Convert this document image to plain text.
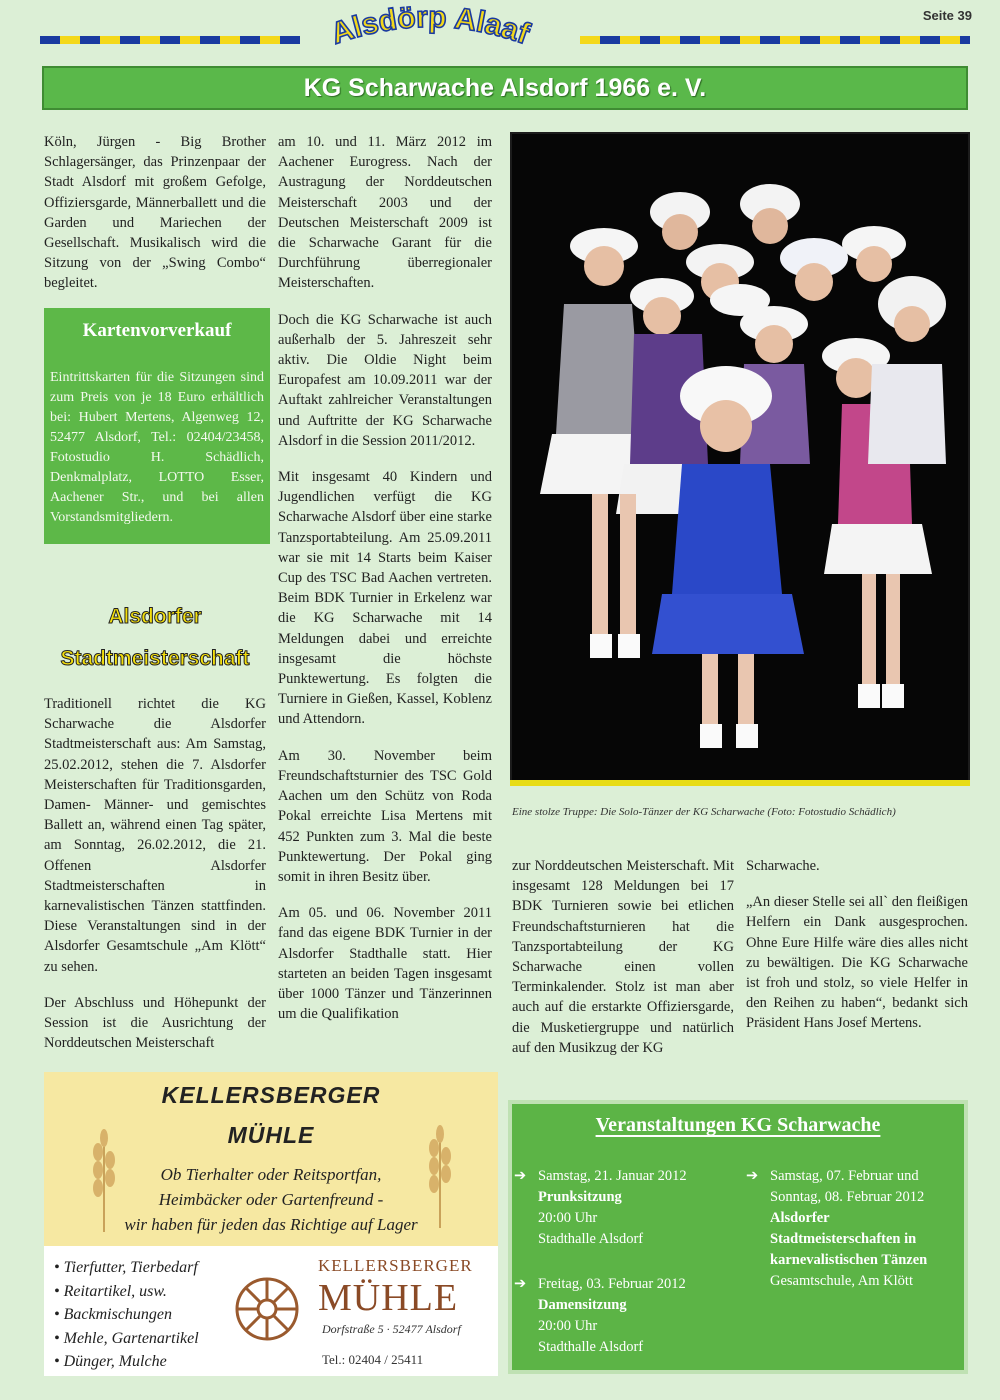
Seite 39
Alsdörp Alaaf
KG Scharwache Alsdorf 1966 e. V.

Köln, Jürgen - Big Brother Schlagersänger, das Prinzenpaar der Stadt Alsdorf mit großem Gefolge, Offiziersgarde, Männerballett und die Garden und Mariechen der Gesellschaft. Musikalisch wird die Sitzung von der „Swing Combo“ begleitet.

Kartenvorverkauf
Eintrittskarten für die Sitzungen sind zum Preis von je 18 Euro erhältlich bei: Hubert Mertens, Algenweg 12, 52477 Alsdorf, Tel.: 02404/23458, Fotostudio H. Schädlich, Denkmalplatz, LOTTO Esser, Aachener Str., und bei allen Vorstandsmitgliedern.
Alsdorfer
Stadtmeisterschaft

Traditionell richtet die KG Scharwache die Alsdorfer Stadtmeisterschaft aus: Am Samstag, 25.02.2012, stehen die 7. Alsdorfer Meisterschaften für Traditionsgarden, Damen- Männer- und gemischtes Ballett an, während einen Tag später, am Sonntag, 26.02.2012, die 21. Offenen Alsdorfer Stadtmeisterschaften in karnevalistischen Tänzen stattfinden. Diese Veranstaltungen sind in der Alsdorfer Gesamtschule „Am Klött“ zu sehen.

Der Abschluss und Höhepunkt der Session ist die Ausrichtung der Norddeutschen Meisterschaft

am 10. und 11. März 2012 im Aachener Eurogress. Nach der Austragung der Norddeutschen Meisterschaft 2003 und der Deutschen Meisterschaft 2009 ist die Scharwache Garant für die Durchführung überregionaler Meisterschaften.

Doch die KG Scharwache ist auch außerhalb der 5. Jahreszeit sehr aktiv. Die Oldie Night beim Europafest am 10.09.2011 war der Auftakt zahlreicher Veranstaltungen und Auftritte der KG Scharwache Alsdorf in die Session 2011/2012.

Mit insgesamt 40 Kindern und Jugendlichen verfügt die KG Scharwache Alsdorf über eine starke Tanzsportabteilung. Am 25.09.2011 war sie mit 14 Starts beim Kaiser Cup des TSC Bad Aachen vertreten. Beim BDK Turnier in Erkelenz war die KG Scharwache mit 14 Meldungen dabei und erreichte insgesamt die höchste Punktewertung. Es folgten die Turniere in Gießen, Kassel, Koblenz und Attendorn.

Am 30. November beim Freundschaftsturnier des TSC Gold Aachen um den Schütz von Roda Pokal erreichte Lisa Mertens mit 452 Punkten zum 3. Mal die beste Punktewertung. Der Pokal ging somit in ihren Besitz über.

Am 05. und 06. November 2011 fand das eigene BDK Turnier in der Alsdorfer Stadthalle statt. Hier starteten an beiden Tagen insgesamt über 1000 Tänzer und Tänzerinnen um die Qualifikation

Eine stolze Truppe: Die Solo-Tänzer der KG Scharwache (Foto: Fotostudio Schädlich)

zur Norddeutschen Meisterschaft. Mit insgesamt 128 Meldungen bei 17 BDK Turnieren sowie bei etlichen Freundschaftsturnieren hat die Tanzsportabteilung der KG Scharwache einen vollen Terminkalender. Stolz ist man aber auch auf die erstarkte Offiziersgarde, die Musketiergruppe und natürlich auf den Musikzug der KG

Scharwache.

„An dieser Stelle sei all` den fleißigen Helfern ein Dank ausgesprochen. Ohne Eure Hilfe wäre dies alles nicht zu bewältigen. Die KG Scharwache ist froh und stolz, so viele Helfer in den Reihen zu haben“, bedankt sich Präsident Hans Josef Mertens.

KELLERSBERGER
MÜHLE
Ob Tierhalter oder Reitsportfan,
Heimbäcker oder Gartenfreund -
wir haben für jeden das Richtige auf Lager
• Tierfutter, Tierbedarf
• Reitartikel, usw.
• Backmischungen
• Mehle, Gartenartikel
• Dünger, Mulche
KELLERSBERGER
MÜHLE
Dorfstraße 5 · 52477 Alsdorf
Tel.: 02404 / 25411
Veranstaltungen KG Scharwache
➔ Samstag, 21. Januar 2012
Prunksitzung
20:00 Uhr
Stadthalle Alsdorf
➔ Freitag, 03. Februar 2012
Damensitzung
20:00 Uhr
Stadthalle Alsdorf
➔ Samstag, 07. Februar und Sonntag, 08. Februar 2012
Alsdorfer Stadtmeisterschaften in karnevalistischen Tänzen
Gesamtschule, Am Klött
